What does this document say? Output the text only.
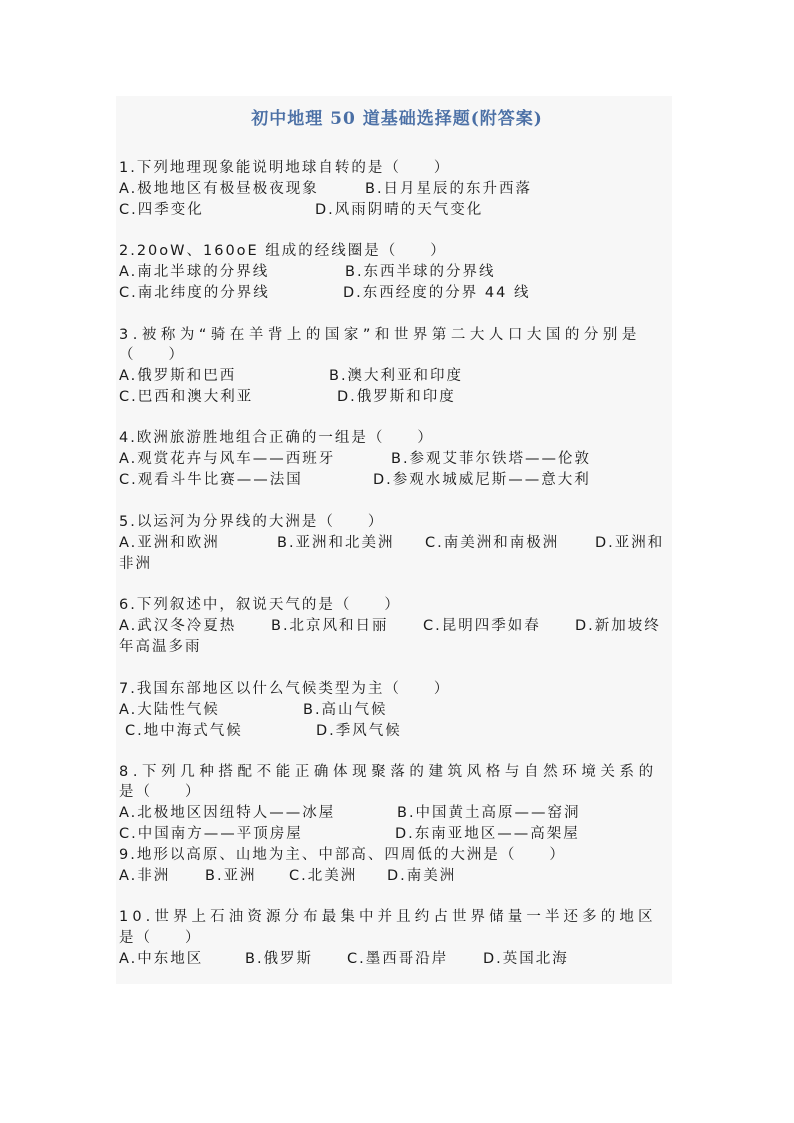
初中地理 50 道基础选择题(附答案)
1.下列地理现象能说明地球自转的是（　　）
A.极地地区有极昼极夜现象	B.日月星辰的东升西落
C.四季变化	D.风雨阴晴的天气变化
2.20oW、160oE 组成的经线圈是（　　）
A.南北半球的分界线	B.东西半球的分界线
C.南北纬度的分界线	D.东西经度的分界 44 线
3.被称为“骑在羊背上的国家”和世界第二大人口大国的分别是
（　　）
A.俄罗斯和巴西	B.澳大利亚和印度
C.巴西和澳大利亚	D.俄罗斯和印度
4.欧洲旅游胜地组合正确的一组是（　　）
A.观赏花卉与风车——西班牙	B.参观艾菲尔铁塔——伦敦
C.观看斗牛比赛——法国	D.参观水城威尼斯——意大利
5.以运河为分界线的大洲是（　　）
A.亚洲和欧洲	B.亚洲和北美洲 C.南美洲和南极洲 D.亚洲和
非洲
6.下列叙述中，叙说天气的是（　　）
A.武汉冬冷夏热 B.北京风和日丽 C.昆明四季如春 D.新加坡终
年高温多雨
7.我国东部地区以什么气候类型为主（　　）
A.大陆性气候	B.高山气候
C.地中海式气候	D.季风气候
8.下列几种搭配不能正确体现聚落的建筑风格与自然环境关系的
是（　　）
A.北极地区因纽特人——冰屋	B.中国黄土高原——窑洞
C.中国南方——平顶房屋	D.东南亚地区——高架屋
9.地形以高原、山地为主、中部高、四周低的大洲是（　　）
A.非洲 B.亚洲 C.北美洲 D.南美洲
10.世界上石油资源分布最集中并且约占世界储量一半还多的地区
是（　　）
A.中东地区	B.俄罗斯 C.墨西哥沿岸 D.英国北海
